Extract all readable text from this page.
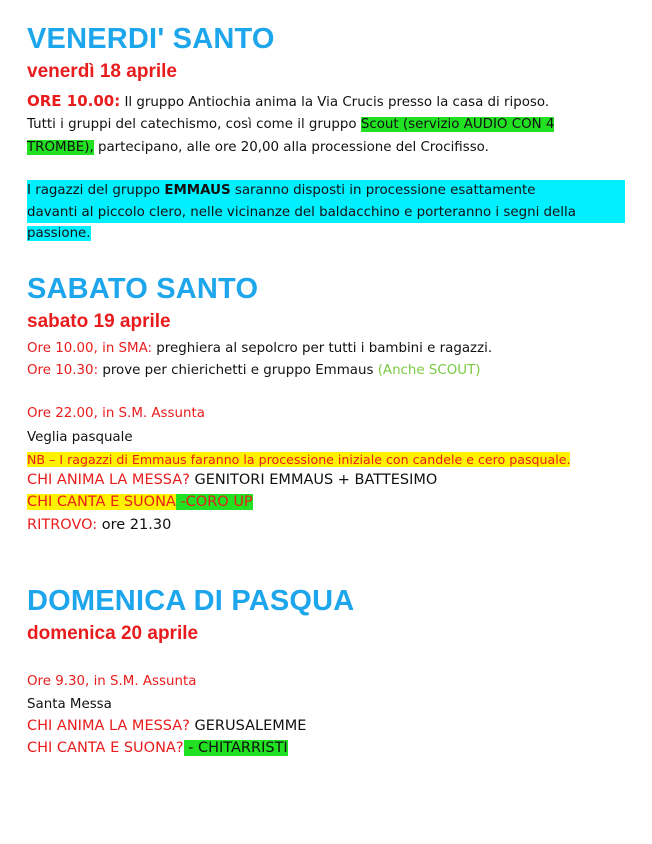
VENERDI' SANTO
venerdì 18 aprile
ORE 10.00: Il gruppo Antiochia anima la Via Crucis presso la casa di riposo.
Tutti i gruppi del catechismo, così come il gruppo Scout (servizio AUDIO CON 4
TROMBE), partecipano, alle ore 20,00 alla processione del Crocifisso.
I ragazzi del gruppo EMMAUS saranno disposti in processione esattamente
davanti al piccolo clero, nelle vicinanze del baldacchino e porteranno i segni della
passione.
SABATO SANTO
sabato 19 aprile
Ore 10.00, in SMA: preghiera al sepolcro per tutti i bambini e ragazzi.
Ore 10.30: prove per chierichetti e gruppo Emmaus (Anche SCOUT)
Ore 22.00, in S.M. Assunta
Veglia pasquale
NB – I ragazzi di Emmaus faranno la processione iniziale con candele e cero pasquale.
CHI ANIMA LA MESSA? GENITORI EMMAUS + BATTESIMO
CHI CANTA E SUONA -CORO UP
RITROVO: ore 21.30
DOMENICA DI PASQUA
domenica 20 aprile
Ore 9.30, in S.M. Assunta
Santa Messa
CHI ANIMA LA MESSA? GERUSALEMME
CHI CANTA E SUONA? - CHITARRISTI
